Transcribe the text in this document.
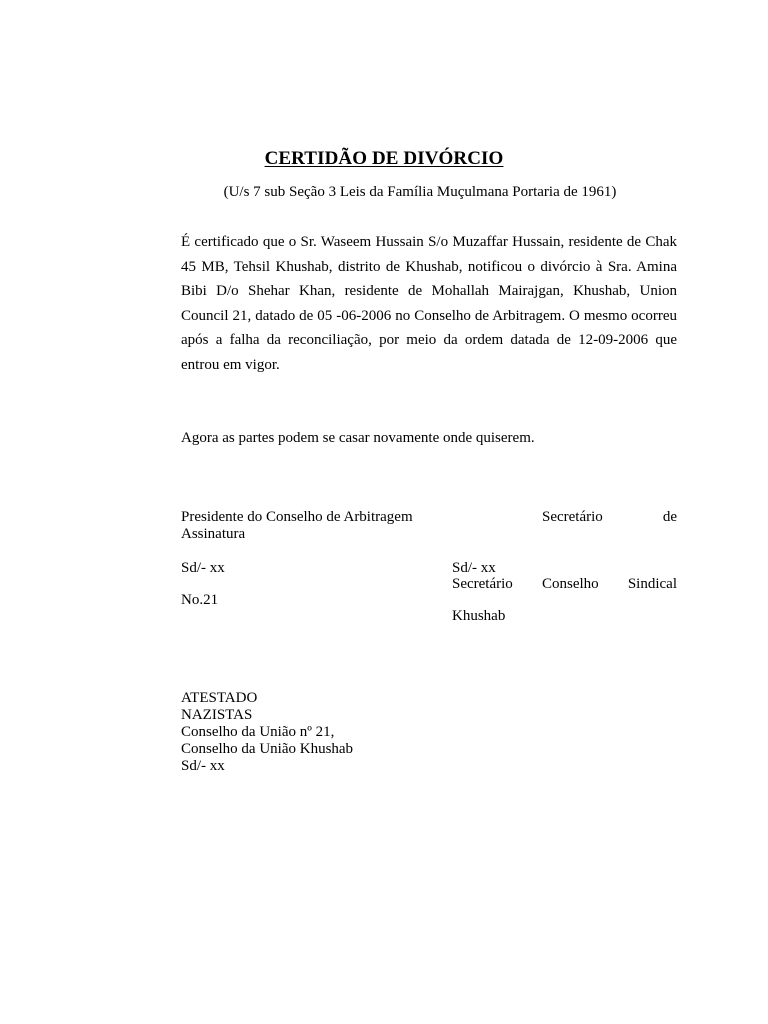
CERTIDÃO DE DIVÓRCIO
(U/s 7 sub Seção 3 Leis da Família Muçulmana Portaria de 1961)
É certificado que o Sr. Waseem Hussain S/o Muzaffar Hussain, residente de Chak 45 MB, Tehsil Khushab, distrito de Khushab, notificou o divórcio à Sra. Amina Bibi D/o Shehar Khan, residente de Mohallah Mairajgan, Khushab, Union Council 21, datado de 05 -06-2006 no Conselho de Arbitragem. O mesmo ocorreu após a falha da reconciliação, por meio da ordem datada de 12-09-2006 que entrou em vigor.
Agora as partes podem se casar novamente onde quiserem.
Presidente do Conselho de Arbitragem	Secretário de
Assinatura
Sd/- xx	Sd/- xx
Secretário Conselho Sindical
No.21
Khushab
ATESTADO
NAZISTAS
Conselho da União nº 21,
Conselho da União Khushab
Sd/- xx
